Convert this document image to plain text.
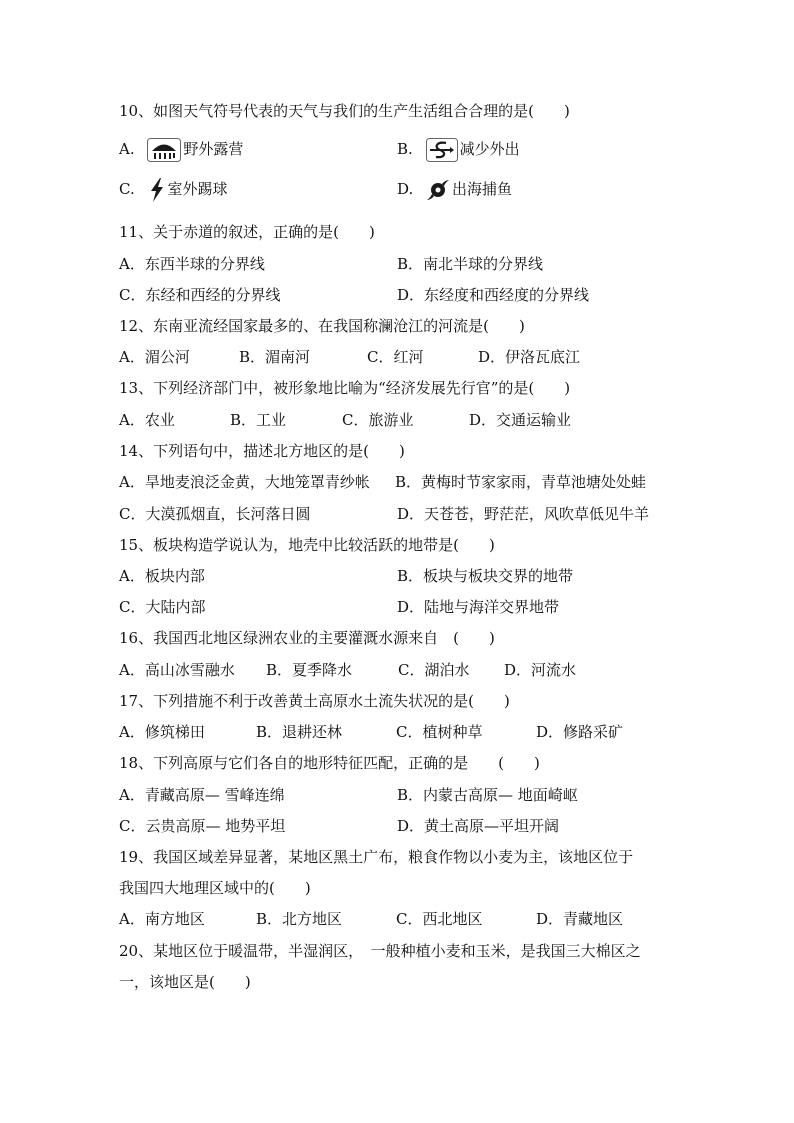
10、如图天气符号代表的天气与我们的生产生活组合合理的是(　　)
A.	野外露营	B.	减少外出
C. 室外踢球	D.	出海捕鱼
11、关于赤道的叙述，正确的是(　　)
A．东西半球的分界线	B．南北半球的分界线
C．东经和西经的分界线	D．东经度和西经度的分界线
12、东南亚流经国家最多的、在我国称澜沧江的河流是(　　)
A．湄公河	B．湄南河	C．红河	D．伊洛瓦底江
13、下列经济部门中，被形象地比喻为“经济发展先行官”的是(　　)
A．农业	B．工业	C．旅游业	D．交通运输业
14、下列语句中，描述北方地区的是(　　)
A．旱地麦浪泛金黄，大地笼罩青纱帐 B．黄梅时节家家雨，青草池塘处处蛙
C．大漠孤烟直，长河落日圆	D．天苍苍，野茫茫，风吹草低见牛羊
15、板块构造学说认为，地壳中比较活跃的地带是(　　)
A．板块内部	B．板块与板块交界的地带
C．大陆内部	D．陆地与海洋交界地带
16、我国西北地区绿洲农业的主要灌溉水源来自　(　　)
A．高山冰雪融水 B．夏季降水	C．湖泊水 D．河流水
17、下列措施不利于改善黄土高原水土流失状况的是(　　)
A．修筑梯田	B．退耕还林	C．植树种草	D．修路采矿
18、下列高原与它们各自的地形特征匹配，正确的是　　(　　)
A．青藏高原— 雪峰连绵	B．内蒙古高原— 地面崎岖
C．云贵高原— 地势平坦	D．黄土高原—平坦开阔
19、我国区域差异显著，某地区黑土广布，粮食作物以小麦为主，该地区位于
我国四大地理区域中的(　　)
A．南方地区	B．北方地区	C．西北地区	D．青藏地区
20、某地区位于暖温带，半湿润区，　一般种植小麦和玉米，是我国三大棉区之
一，该地区是(　　)
